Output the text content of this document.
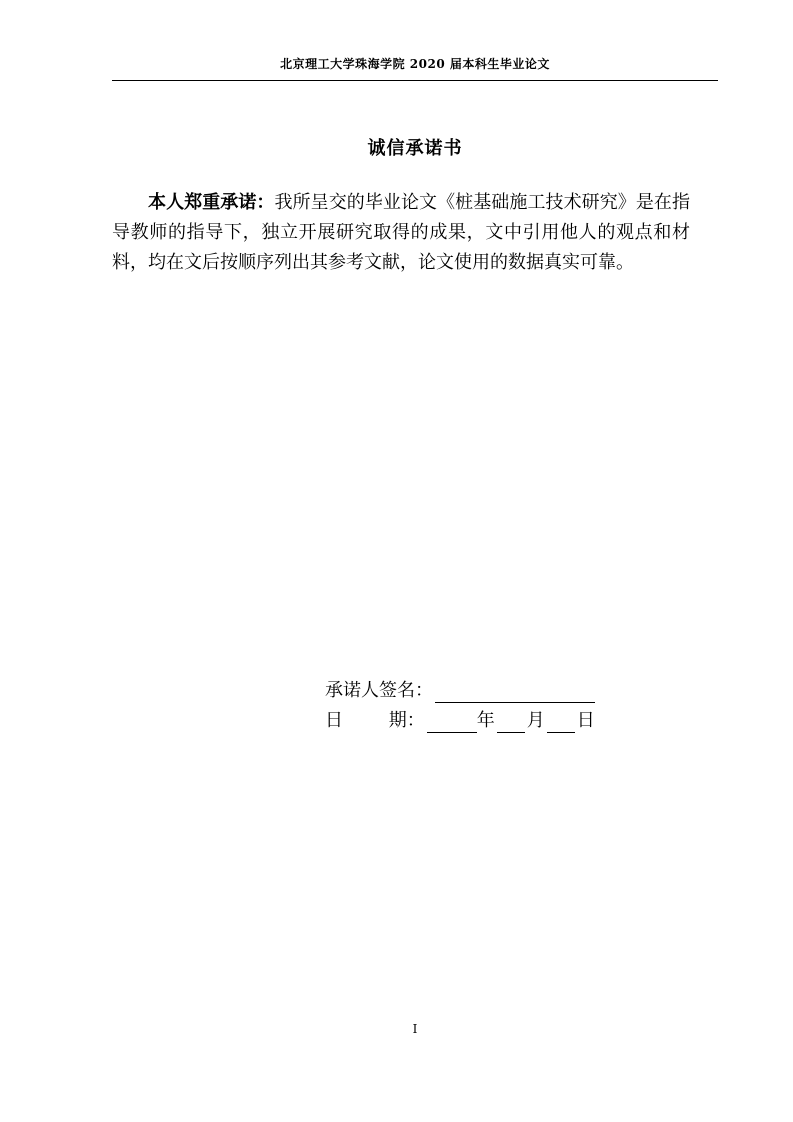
北京理工大学珠海学院 2020 届本科生毕业论文
诚信承诺书

本人郑重承诺：我所呈交的毕业论文《桩基础施工技术研究》是在指导教师的指导下，独立开展研究取得的成果，文中引用他人的观点和材料，均在文后按顺序列出其参考文献，论文使用的数据真实可靠。

承诺人签名：
日        期：	年 月 日
I
